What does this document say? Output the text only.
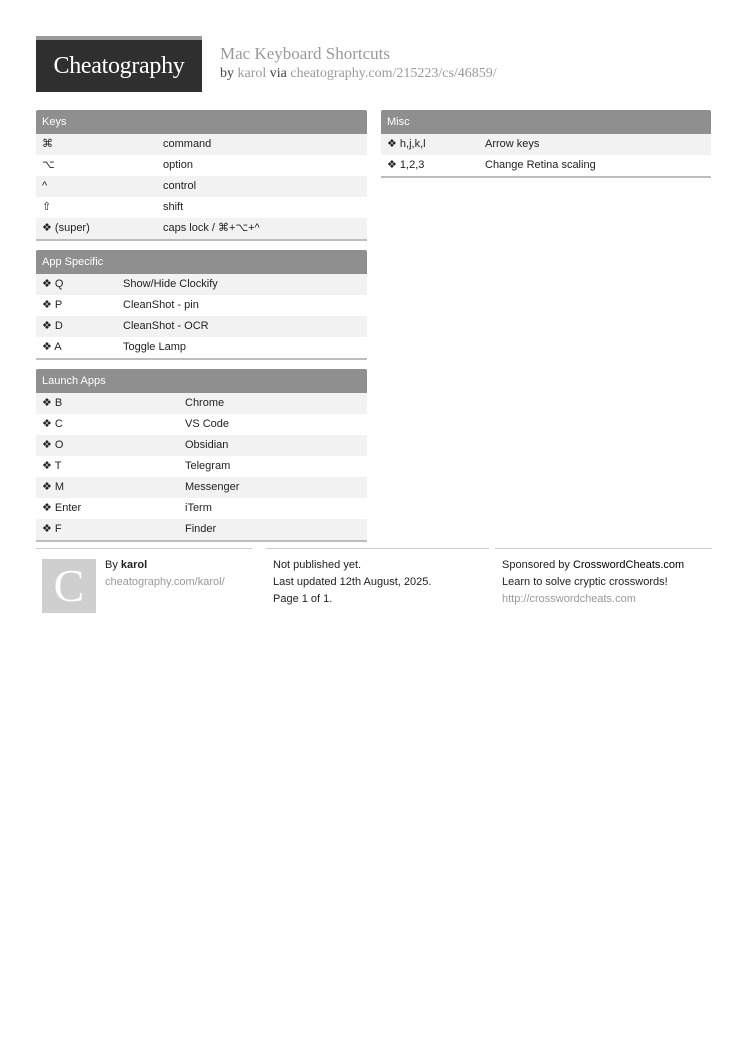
Cheatography	Mac Keyboard Shortcuts
by karol via cheatography.com/215223/cs/46859/
Keys
⌘	command
⌥	option
^	control
⇧	shift
❖ (super)	caps lock / ⌘+⌥+^
App Specific
❖ Q	Show/Hide Clockify
❖ P	CleanShot - pin
❖ D	CleanShot - OCR
❖ A	Toggle Lamp
Launch Apps
❖ B	Chrome
❖ C	VS Code
❖ O	Obsidian
❖ T	Telegram
❖ M	Messenger
❖ Enter	iTerm
❖ F	Finder
Misc
❖ h,j,k,l	Arrow keys
❖ 1,2,3	Change Retina scaling
C	By karol
cheatography.com/karol/
Not published yet.
Last updated 12th August, 2025.
Page 1 of 1.
Sponsored by CrosswordCheats.com
Learn to solve cryptic crosswords!
http://crosswordcheats.com
